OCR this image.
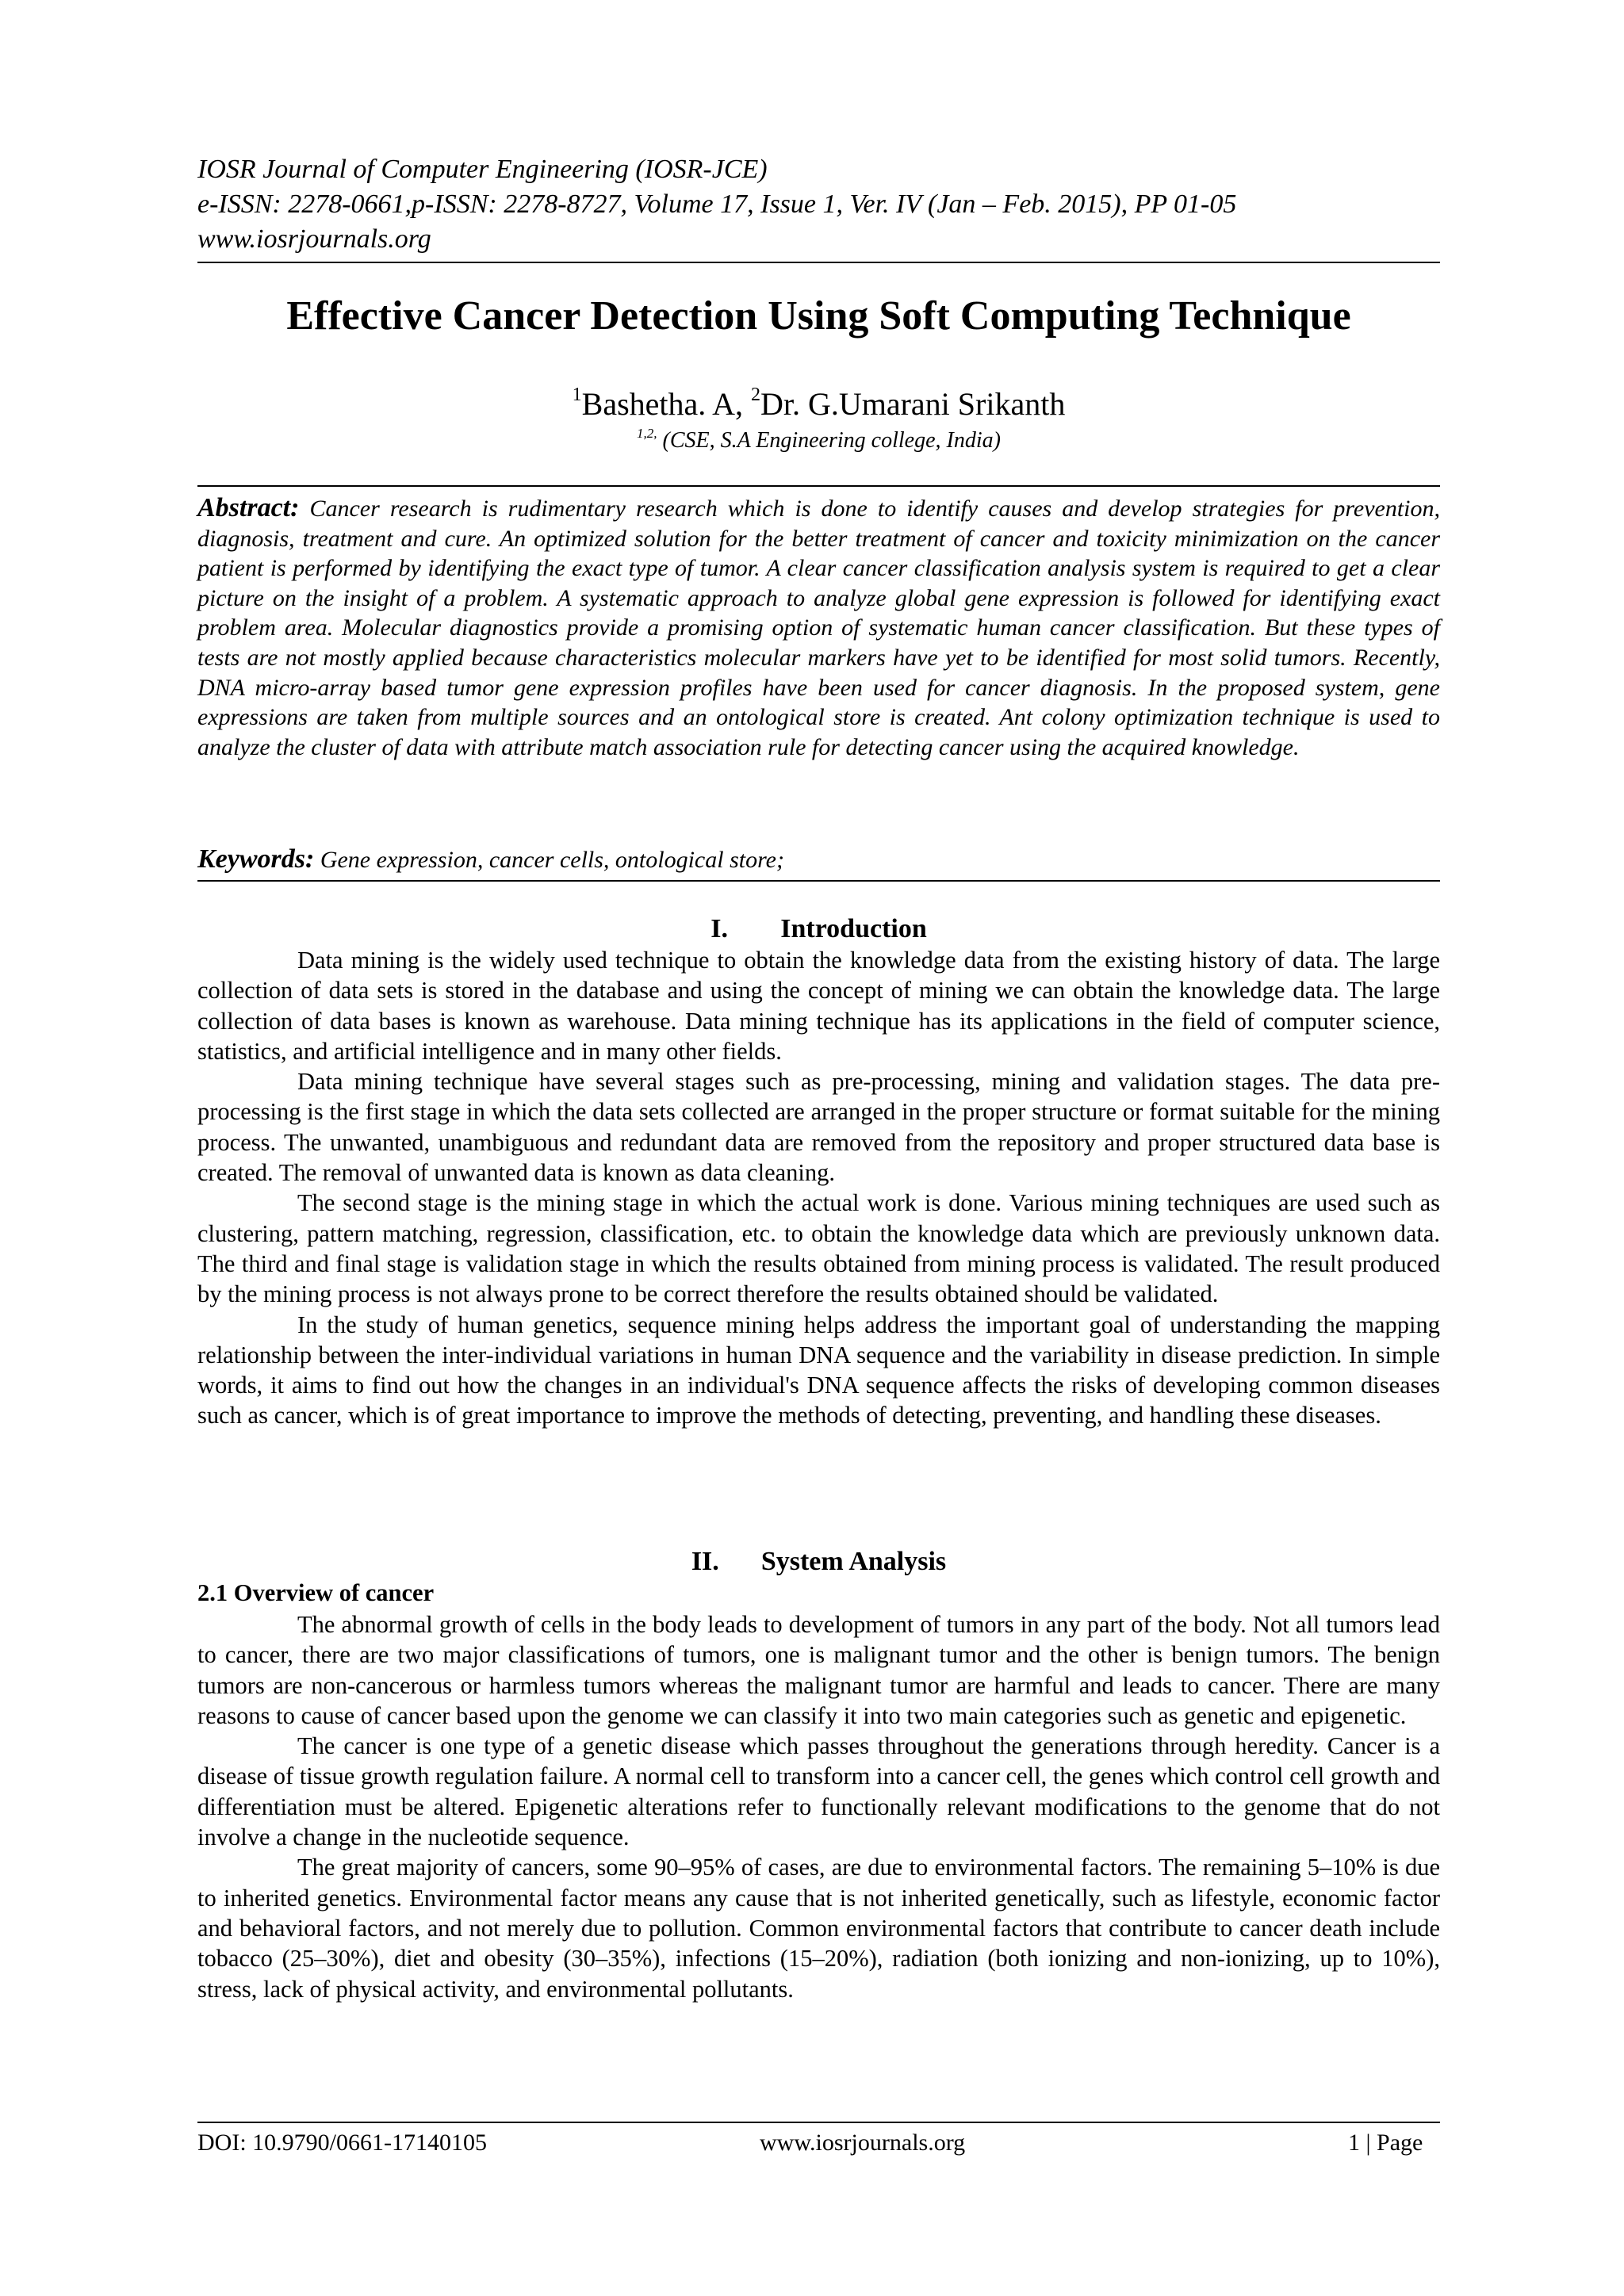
IOSR Journal of Computer Engineering (IOSR-JCE)
e-ISSN: 2278-0661,p-ISSN: 2278-8727, Volume 17, Issue 1, Ver. IV (Jan – Feb. 2015), PP 01-05
www.iosrjournals.org
Effective Cancer Detection Using Soft Computing Technique
$^1$Bashetha. A, $^2$Dr. G.Umarani Srikanth
$^{1,2,}$ (CSE, S.A Engineering college, India)
Abstract: Cancer research is rudimentary research which is done to identify causes and develop strategies for prevention, diagnosis, treatment and cure. An optimized solution for the better treatment of cancer and toxicity minimization on the cancer patient is performed by identifying the exact type of tumor. A clear cancer classification analysis system is required to get a clear picture on the insight of a problem. A systematic approach to analyze global gene expression is followed for identifying exact problem area. Molecular diagnostics provide a promising option of systematic human cancer classification. But these types of tests are not mostly applied because characteristics molecular markers have yet to be identified for most solid tumors. Recently, DNA micro-array based tumor gene expression profiles have been used for cancer diagnosis. In the proposed system, gene expressions are taken from multiple sources and an ontological store is created. Ant colony optimization technique is used to analyze the cluster of data with attribute match association rule for detecting cancer using the acquired knowledge.
Keywords: Gene expression, cancer cells, ontological store;
I. Introduction

Data mining is the widely used technique to obtain the knowledge data from the existing history of data. The large collection of data sets is stored in the database and using the concept of mining we can obtain the knowledge data. The large collection of data bases is known as warehouse. Data mining technique has its applications in the field of computer science, statistics, and artificial intelligence and in many other fields.

Data mining technique have several stages such as pre-processing, mining and validation stages. The data pre-processing is the first stage in which the data sets collected are arranged in the proper structure or format suitable for the mining process. The unwanted, unambiguous and redundant data are removed from the repository and proper structured data base is created. The removal of unwanted data is known as data cleaning.

The second stage is the mining stage in which the actual work is done. Various mining techniques are used such as clustering, pattern matching, regression, classification, etc. to obtain the knowledge data which are previously unknown data. The third and final stage is validation stage in which the results obtained from mining process is validated. The result produced by the mining process is not always prone to be correct therefore the results obtained should be validated.

In the study of human genetics, sequence mining helps address the important goal of understanding the mapping relationship between the inter-individual variations in human DNA sequence and the variability in disease prediction. In simple words, it aims to find out how the changes in an individual's DNA sequence affects the risks of developing common diseases such as cancer, which is of great importance to improve the methods of detecting, preventing, and handling these diseases.

II. System Analysis
2.1 Overview of cancer

The abnormal growth of cells in the body leads to development of tumors in any part of the body. Not all tumors lead to cancer, there are two major classifications of tumors, one is malignant tumor and the other is benign tumors. The benign tumors are non-cancerous or harmless tumors whereas the malignant tumor are harmful and leads to cancer. There are many reasons to cause of cancer based upon the genome we can classify it into two main categories such as genetic and epigenetic.

The cancer is one type of a genetic disease which passes throughout the generations through heredity. Cancer is a disease of tissue growth regulation failure. A normal cell to transform into a cancer cell, the genes which control cell growth and differentiation must be altered. Epigenetic alterations refer to functionally relevant modifications to the genome that do not involve a change in the nucleotide sequence.

The great majority of cancers, some 90–95% of cases, are due to environmental factors. The remaining 5–10% is due to inherited genetics. Environmental factor means any cause that is not inherited genetically, such as lifestyle, economic factor and behavioral factors, and not merely due to pollution. Common environmental factors that contribute to cancer death include tobacco (25–30%), diet and obesity (30–35%), infections (15–20%), radiation (both ionizing and non-ionizing, up to 10%), stress, lack of physical activity, and environmental pollutants.

DOI: 10.9790/0661-17140105	www.iosrjournals.org	1 | Page
